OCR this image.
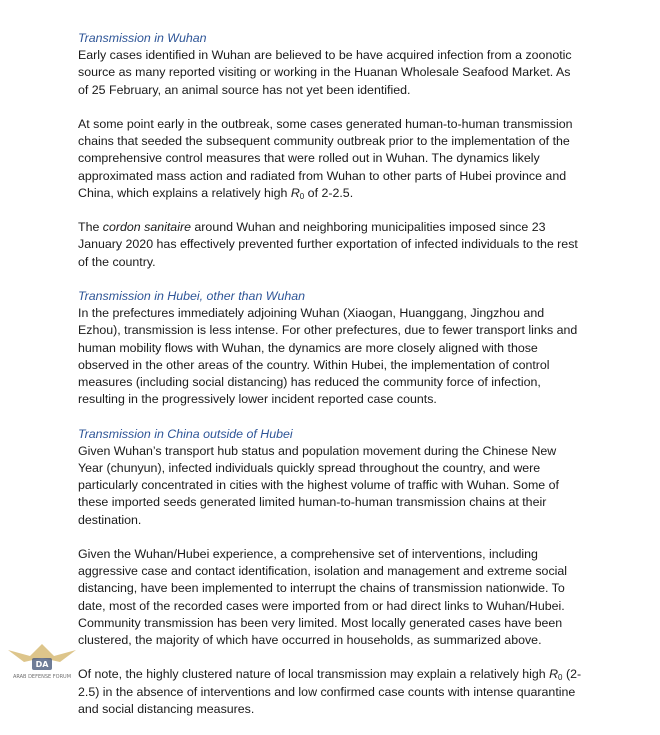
Transmission in Wuhan

Early cases identified in Wuhan are believed to be have acquired infection from a zoonotic source as many reported visiting or working in the Huanan Wholesale Seafood Market. As of 25 February, an animal source has not yet been identified.

At some point early in the outbreak, some cases generated human-to-human transmission chains that seeded the subsequent community outbreak prior to the implementation of the comprehensive control measures that were rolled out in Wuhan. The dynamics likely approximated mass action and radiated from Wuhan to other parts of Hubei province and China, which explains a relatively high $R_0$ of 2-2.5.

The cordon sanitaire around Wuhan and neighboring municipalities imposed since 23 January 2020 has effectively prevented further exportation of infected individuals to the rest of the country.

Transmission in Hubei, other than Wuhan

In the prefectures immediately adjoining Wuhan (Xiaogan, Huanggang, Jingzhou and Ezhou), transmission is less intense. For other prefectures, due to fewer transport links and human mobility flows with Wuhan, the dynamics are more closely aligned with those observed in the other areas of the country. Within Hubei, the implementation of control measures (including social distancing) has reduced the community force of infection, resulting in the progressively lower incident reported case counts.

Transmission in China outside of Hubei

Given Wuhan’s transport hub status and population movement during the Chinese New Year (chunyun), infected individuals quickly spread throughout the country, and were particularly concentrated in cities with the highest volume of traffic with Wuhan. Some of these imported seeds generated limited human-to-human transmission chains at their destination.

Given the Wuhan/Hubei experience, a comprehensive set of interventions, including aggressive case and contact identification, isolation and management and extreme social distancing, have been implemented to interrupt the chains of transmission nationwide. To date, most of the recorded cases were imported from or had direct links to Wuhan/Hubei. Community transmission has been very limited. Most locally generated cases have been clustered, the majority of which have occurred in households, as summarized above.

Of note, the highly clustered nature of local transmission may explain a relatively high $R_0$ (2-2.5) in the absence of interventions and low confirmed case counts with intense quarantine and social distancing measures.

DA
ARAB DEFENSE FORUM
